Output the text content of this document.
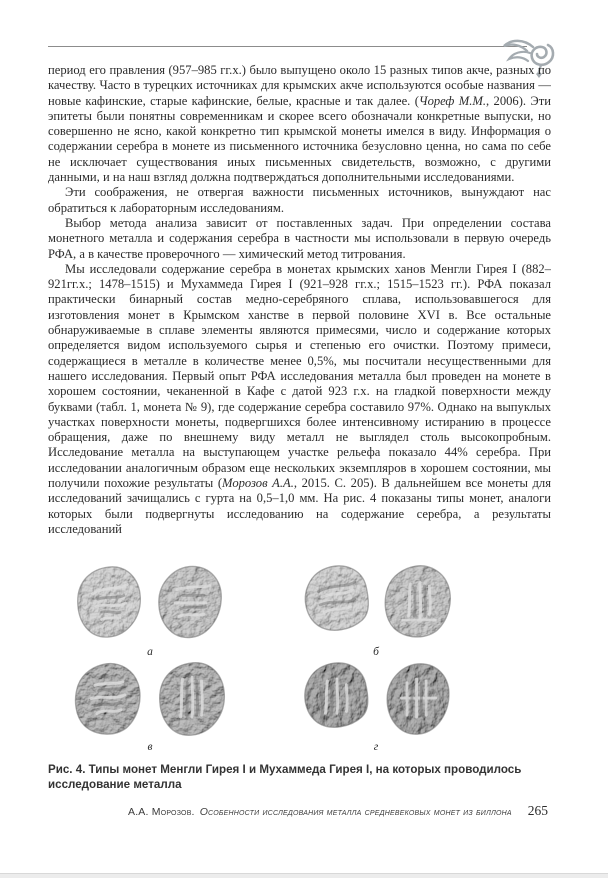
период его правления (957–985 гг.х.) было выпущено около 15 разных типов акче, разных по качеству. Часто в турецких источниках для крымских акче используются особые названия — новые кафинские, старые кафинские, белые, красные и так далее. (Чореф М.М., 2006). Эти эпитеты были понятны современникам и скорее всего обозначали конкретные выпуски, но совершенно не ясно, какой конкретно тип крымской монеты имелся в виду. Информация о содержании серебра в монете из письменного источника безусловно ценна, но сама по себе не исключает существования иных письменных свидетельств, возможно, с другими данными, и на наш взгляд должна подтверждаться дополнительными исследованиями.

Эти соображения, не отвергая важности письменных источников, вынуждают нас обратиться к лабораторным исследованиям.

Выбор метода анализа зависит от поставленных задач. При определении состава монетного металла и содержания серебра в частности мы использовали в первую очередь РФА, а в качестве проверочного — химический метод титрования.

Мы исследовали содержание серебра в монетах крымских ханов Менгли Гирея I (882–921гг.х.; 1478–1515) и Мухаммеда Гирея I (921–928 гг.х.; 1515–1523 гг.). РФА показал практически бинарный состав медно-серебряного сплава, использовавшегося для изготовления монет в Крымском ханстве в первой половине XVI в. Все остальные обнаруживаемые в сплаве элементы являются примесями, число и содержание которых определяется видом используемого сырья и степенью его очистки. Поэтому примеси, содержащиеся в металле в количестве менее 0,5%, мы посчитали несущественными для нашего исследования. Первый опыт РФА исследования металла был проведен на монете в хорошем состоянии, чеканенной в Кафе с датой 923 г.х. на гладкой поверхности между буквами (табл. 1, монета № 9), где содержание серебра составило 97%. Однако на выпуклых участках поверхности монеты, подвергшихся более интенсивному истиранию в процессе обращения, даже по внешнему виду металл не выглядел столь высокопробным. Исследование металла на выступающем участке рельефа показало 44% серебра. При исследовании аналогичным образом еще нескольких экземпляров в хорошем состоянии, мы получили похожие результаты (Морозов А.А., 2015. С. 205). В дальнейшем все монеты для исследований зачищались с гурта на 0,5–1,0 мм. На рис. 4 показаны типы монет, аналоги которых были подвергнуты исследованию на содержание серебра, а результаты исследований

а	б
в	г
Рис. 4. Типы монет Менгли Гирея I и Мухаммеда Гирея I, на которых проводилось исследование металла
А.А. Морозов. Особенности исследования металла средневековых монет из биллона 265
